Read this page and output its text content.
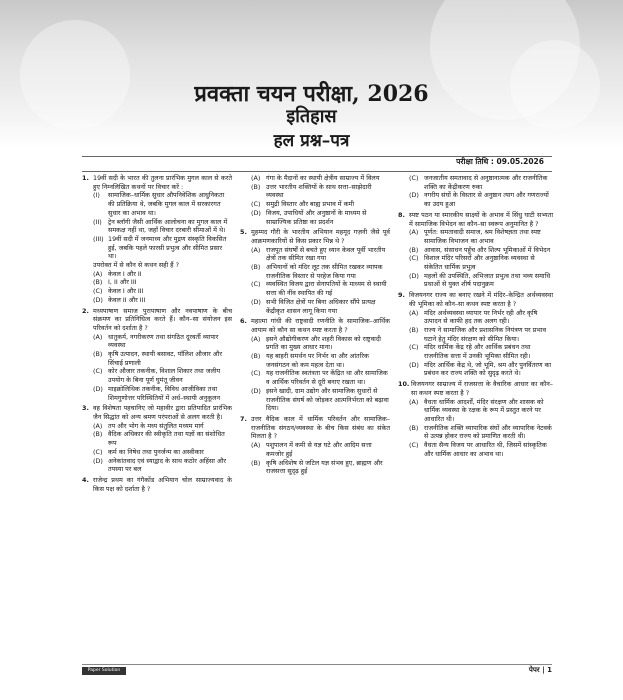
प्रवक्ता चयन परीक्षा, 2026
इतिहास
हल प्रश्न–पत्र
परीक्षा तिथि : 09.05.2026
1. 19वीं सदी के भारत की तुलना प्रारंभिक मुगल काल से करते हुए निम्नलिखित कथनों पर विचार करें :
(I)	सामाजिक–धार्मिक सुधार औपनिवेशिक आधुनिकता की प्रतिक्रिया थे, जबकि मुगल काल में सरकारगत सुधार का अभाव था।
(II) ट्रेन ब्लॉगी जैसी आर्थिक आलोचना का मुगल काल में समकक्ष नहीं था, जहाँ विचार दरबारी सीमाओं में थे।
(III) 19वीं सदी में जनमाध्य और मुद्रण संस्कृति विकसित हुई, जबकि पहले फारसी प्रभुत्व और सीमित प्रसार था।
उपरोक्त में से कौन से कथन सही हैं ?
(A) केवल I और II
(B) I, II और III
(C) केवल I और III
(D) केवल II और III
2. मध्यपाषाण समाज पुरापाषाण और नवपाषाण के बीच संक्रमण का प्रतिनिधित्व करते हैं। कौन–सा संयोजन इस परिवर्तन को दर्शाता है ?
(A) धातुकर्म, नगरीकरण तथा संगठित दूरवर्ती व्यापार व्यवस्था
(B) कृषि उत्पादन, स्थायी बसावट, पॉलिश औजार और सिंचाई प्रणाली
(C) कोर औजार तकनीक, विशाल शिकार तथा जलीय उपयोग के बिना पूर्ण घुमंतू जीवन
(D) माइक्रोलिथिक तकनीक, विविध आजीविका तथा शिमगुणोत्तर परिस्थितियों में अर्ध–स्थायी अनुकूलन
3. वह विशेषता पहचानिए जो महावीर द्वारा प्रतिपादित प्रारंभिक जैन सिद्धांत को अन्य श्रमण परंपराओं से अलग करती है।
(A) तप और भोग के मध्य संतुलित मध्यम मार्ग
(B) वैदिक अधिकार की स्वीकृति तथा यज्ञों का संशोधित रूप
(C) कर्म का निषेध तथा पुनर्जन्म का अस्वीकार
(D) अनेकांतवाद एवं स्याद्वाद के साथ कठोर अहिंसा और तपस्या पर बल
4. राजेन्द्र प्रथम का गंगैकोंड अभियान चोल साम्राज्यवाद के किस पक्ष को दर्शाता है ?
(A) गंगा के मैदानों का स्थायी क्षेत्रीय साम्राज्य में विलय
(B) उत्तर भारतीय शक्तियों के साथ सत्ता–साझेदारी व्यवस्था
(C) समुद्री विस्तार और बाह्य प्रभाव में कमी
(D) विजय, उपाधियों और अनुष्ठानों के माध्यम से साम्राज्यिक प्रतिष्ठा का प्रदर्शन
5. मुहम्मद गौरी के भारतीय अभियान महमूद गज़नी जैसे पूर्व आक्रमणकारियों से किस प्रकार भिन्न थे ?
(A) राजपूत संघर्षों से बचते हुए ध्यान केवल पूर्वी भारतीय क्षेत्रों तक सीमित रखा गया
(B) अभियानों को मंदिर लूट तक सीमित रखकर व्यापक राजनीतिक विस्तार से परहेज किया गया
(C) व्यवस्थित विजय द्वारा सेनापतियों के माध्यम से स्थायी सत्ता की नींव स्थापित की गई
(D) सभी विजित क्षेत्रों पर बिना अधिकार सौंपे प्रत्यक्ष केंद्रीकृत शासन लागू किया गया
6. महात्मा गांधी की राष्ट्रवादी रणनीति के सामाजिक–आर्थिक आयाम को कौन सा कथन स्पष्ट करता है ?
(A) इसने औद्योगीकरण और शहरी विकास को राष्ट्रवादी प्रगति का मुख्य आधार माना।
(B) यह बाहरी समर्थन पर निर्भर था और आंतरिक जनसंगठन को कम महत्व देता था।
(C) यह राजनीतिक स्वतंत्रता पर केंद्रित था और सामाजिक व आर्थिक परिवर्तन से दूरी बनाए रखता था।
(D) इसने खादी, ग्राम उद्योग और सामाजिक सुधारों से राजनीतिक संघर्ष को जोड़कर आत्मनिर्भरता को बढ़ावा दिया।
7. उत्तर वैदिक काल में धार्मिक परिवर्तन और सामाजिक–राजनीतिक संगठन/व्यवस्था के बीच किस संबंध का संकेत मिलता है ?
(A) पशुपालन में कमी से यज्ञ घटे और आदिम सत्ता कमजोर हुई
(B) कृषि अधिशेष से जटिल यज्ञ संभव हुए, ब्राह्मण और राजसत्ता सुदृढ़ हुई
(C) जनजातीय समतावाद से अनुष्ठानात्मक और राजनीतिक शक्ति का केंद्रीकरण रुका
(D) नगरीय संघों के विस्तार से अनुष्ठान त्याग और गणराज्यों का उदय हुआ
8. स्पष्ट पठन या स्मारकीय साक्ष्यों के अभाव में सिंधु घाटी सभ्यता में सामाजिक विभेदन का कौन–सा स्वरूप अनुमानित है ?
(A) पूर्णत: समतावादी समाज, श्रम विशेषज्ञता तथा स्पष्ट सामाजिक विभाजन का अभाव
(B) आवास, संसाधन पहुँच और शिल्प भूमिकाओं में विभेदन
(C) विशाल मंदिर परिसरों और अनुष्ठानिक व्यवस्था से संकेतित धार्मिक प्रभुत्व
(D) महलों की उपस्थिति, अभिजात प्रभुत्व तथा भव्य समाधि प्रथाओं से युक्त शीर्ष पदानुक्रम
9. विजयनगर राज्य का बनाए रखने में मंदिर–केन्द्रित अर्थव्यवस्था की भूमिका को कौन–सा कथन स्पष्ट करता है ?
(A) मंदिर अर्थव्यवस्था व्यापार पर निर्भर रही और कृषि उत्पादन से काफी हद तक अलग रही।
(B) राज्य ने सामाजिक और प्रशासनिक नियंत्रण पर प्रभाव घटाने हेतु मंदिर संरक्षण को सीमित किया।
(C) मंदिर धार्मिक केंद्र रहे और आर्थिक प्रबंधन तथा राजनीतिक सत्ता में उनकी भूमिका सीमित रही।
(D) मंदिर आर्थिक केंद्र थे, जो भूमि, श्रम और पुनर्वितरण का प्रबंधन कर राज्य शक्ति को सुदृढ़ करते थे।
10. विजयनगर साम्राज्य में राजसत्ता के वैचारिक आधार का कौन–सा कथन स्पष्ट करता है ?
(A) वैधता धार्मिक आदर्शों, मंदिर संरक्षण और शासक को धार्मिक व्यवस्था के रक्षक के रूप में प्रस्तुत करने पर आधारित थी।
(B) राजनीतिक शक्ति व्यापारिक संघों और व्यापारिक नेटवर्क से उत्पन्न होकर राज्य को प्रमाणित करती थी।
(C) वैधता सैन्य विजय पर आधारित थी, जिसमें सांस्कृतिक और धार्मिक आधार का अभाव था।
Paper Solution Bengal
पेपर | 1
